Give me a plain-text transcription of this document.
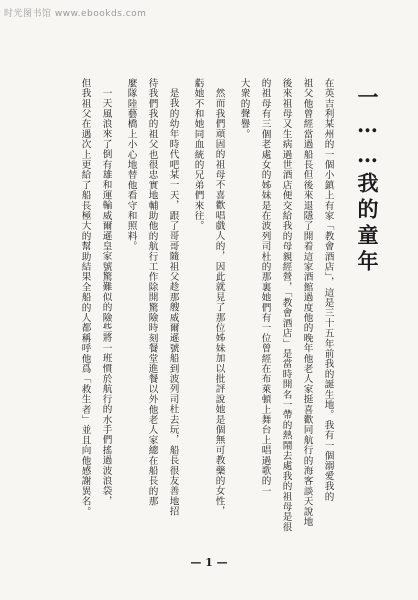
时光图书馆 www.ebookds.com
一……我的童年
在英吉利某州的一個小鎮上有家「教會酒店」，這是三十五年前我的誕生地。我有一個溺愛我的
祖父他曾經當過船長但後來退隱了開着這家酒館過度他的晚年他老人家挺喜歡同航行的海客談天說地
後來祖母又生病過世酒店便交給我的母親經營，「教會酒店」是當時開名一帶的熱鬧去處我的祖母是很
的祖母有三個老處女的姊妹是在波列司杜的那裏她們有一位曾經在布萊頓上舞台上唱過歌的一
大衆的聲譽。
然而我們頑固的祖母不喜歡唱戲人的，因此就見了那位姊妹加以批評說她是個無可教藥的女性，
虧她不和她同血統的兄弟們來往。
是我的幼年時代吧某一天，跟了哥哥隨祖父趁那艘威爾遜號船到波列司杜去玩，船長很友善地招
待我們我的祖父也很忠實地輔助他的航行工作除開驚險時刻餐堂進餐以外他老人家總在船長的那
麼隊陸藝橋上小心地替他看守和照料。
一天風浪來了倒有雄和運輸威爾遜皇家號驚難似的險些將一班慣於航行的水手們搖過波浪袋，
但我祖父在遇次上更給了船長極大的幫助結果全船的人都稱呼他爲「救生者」並且向他感謝異名。
— 1 —
